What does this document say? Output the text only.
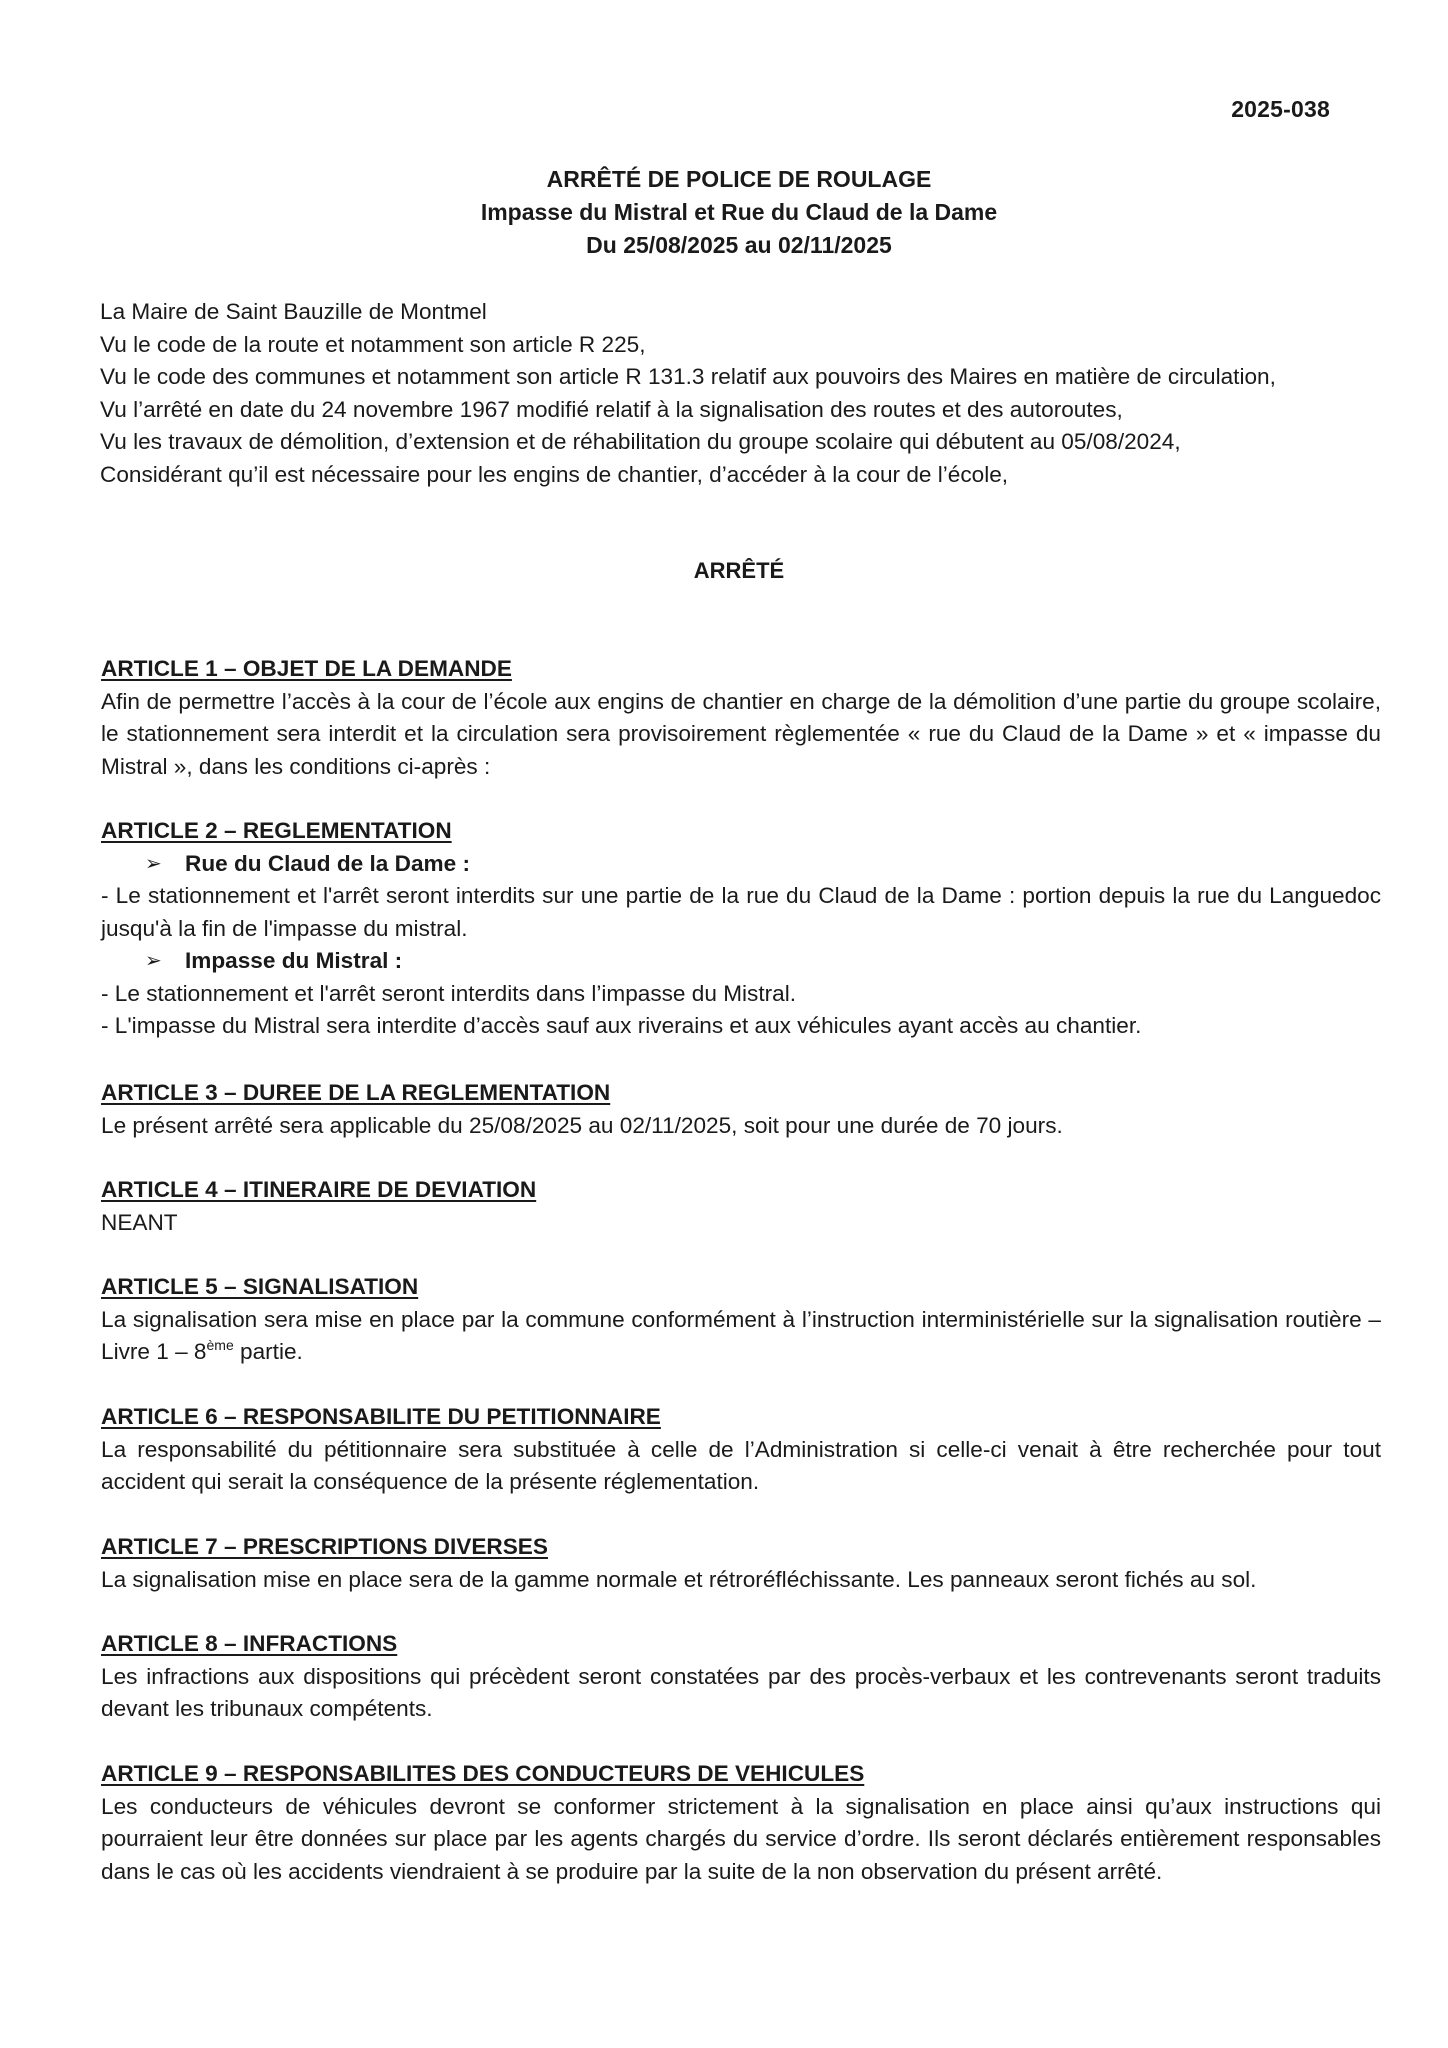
2025-038
ARRÊTÉ DE POLICE DE ROULAGE
Impasse du Mistral et Rue du Claud de la Dame
Du 25/08/2025 au 02/11/2025
La Maire de Saint Bauzille de Montmel
Vu le code de la route et notamment son article R 225,
Vu le code des communes et notamment son article R 131.3 relatif aux pouvoirs des Maires en matière de circulation,
Vu l’arrêté en date du 24 novembre 1967 modifié relatif à la signalisation des routes et des autoroutes,
Vu les travaux de démolition, d’extension et de réhabilitation du groupe scolaire qui débutent au 05/08/2024,
Considérant qu’il est nécessaire pour les engins de chantier, d’accéder à la cour de l’école,
ARRÊTÉ
ARTICLE 1 – OBJET DE LA DEMANDE
Afin de permettre l’accès à la cour de l’école aux engins de chantier en charge de la démolition d’une partie du groupe scolaire, le stationnement sera interdit et la circulation sera provisoirement règlementée « rue du Claud de la Dame » et « impasse du Mistral », dans les conditions ci-après :
ARTICLE 2 – REGLEMENTATION
➢	Rue du Claud de la Dame :
- Le stationnement et l'arrêt seront interdits sur une partie de la rue du Claud de la Dame : portion depuis la rue du Languedoc jusqu'à la fin de l'impasse du mistral.
➢	Impasse du Mistral :
- Le stationnement et l'arrêt seront interdits dans l’impasse du Mistral.
- L'impasse du Mistral sera interdite d’accès sauf aux riverains et aux véhicules ayant accès au chantier.
ARTICLE 3 – DUREE DE LA REGLEMENTATION
Le présent arrêté sera applicable du 25/08/2025 au 02/11/2025, soit pour une durée de 70 jours.
ARTICLE 4 – ITINERAIRE DE DEVIATION
NEANT
ARTICLE 5 – SIGNALISATION
La signalisation sera mise en place par la commune conformément à l’instruction interministérielle sur la signalisation routière – Livre 1 – 8ème partie.
ARTICLE 6 – RESPONSABILITE DU PETITIONNAIRE
La responsabilité du pétitionnaire sera substituée à celle de l’Administration si celle-ci venait à être recherchée pour tout accident qui serait la conséquence de la présente réglementation.
ARTICLE 7 – PRESCRIPTIONS DIVERSES
La signalisation mise en place sera de la gamme normale et rétroréfléchissante. Les panneaux seront fichés au sol.
ARTICLE 8 – INFRACTIONS
Les infractions aux dispositions qui précèdent seront constatées par des procès-verbaux et les contrevenants seront traduits devant les tribunaux compétents.
ARTICLE 9 – RESPONSABILITES DES CONDUCTEURS DE VEHICULES
Les conducteurs de véhicules devront se conformer strictement à la signalisation en place ainsi qu’aux instructions qui pourraient leur être données sur place par les agents chargés du service d’ordre. Ils seront déclarés entièrement responsables dans le cas où les accidents viendraient à se produire par la suite de la non observation du présent arrêté.
